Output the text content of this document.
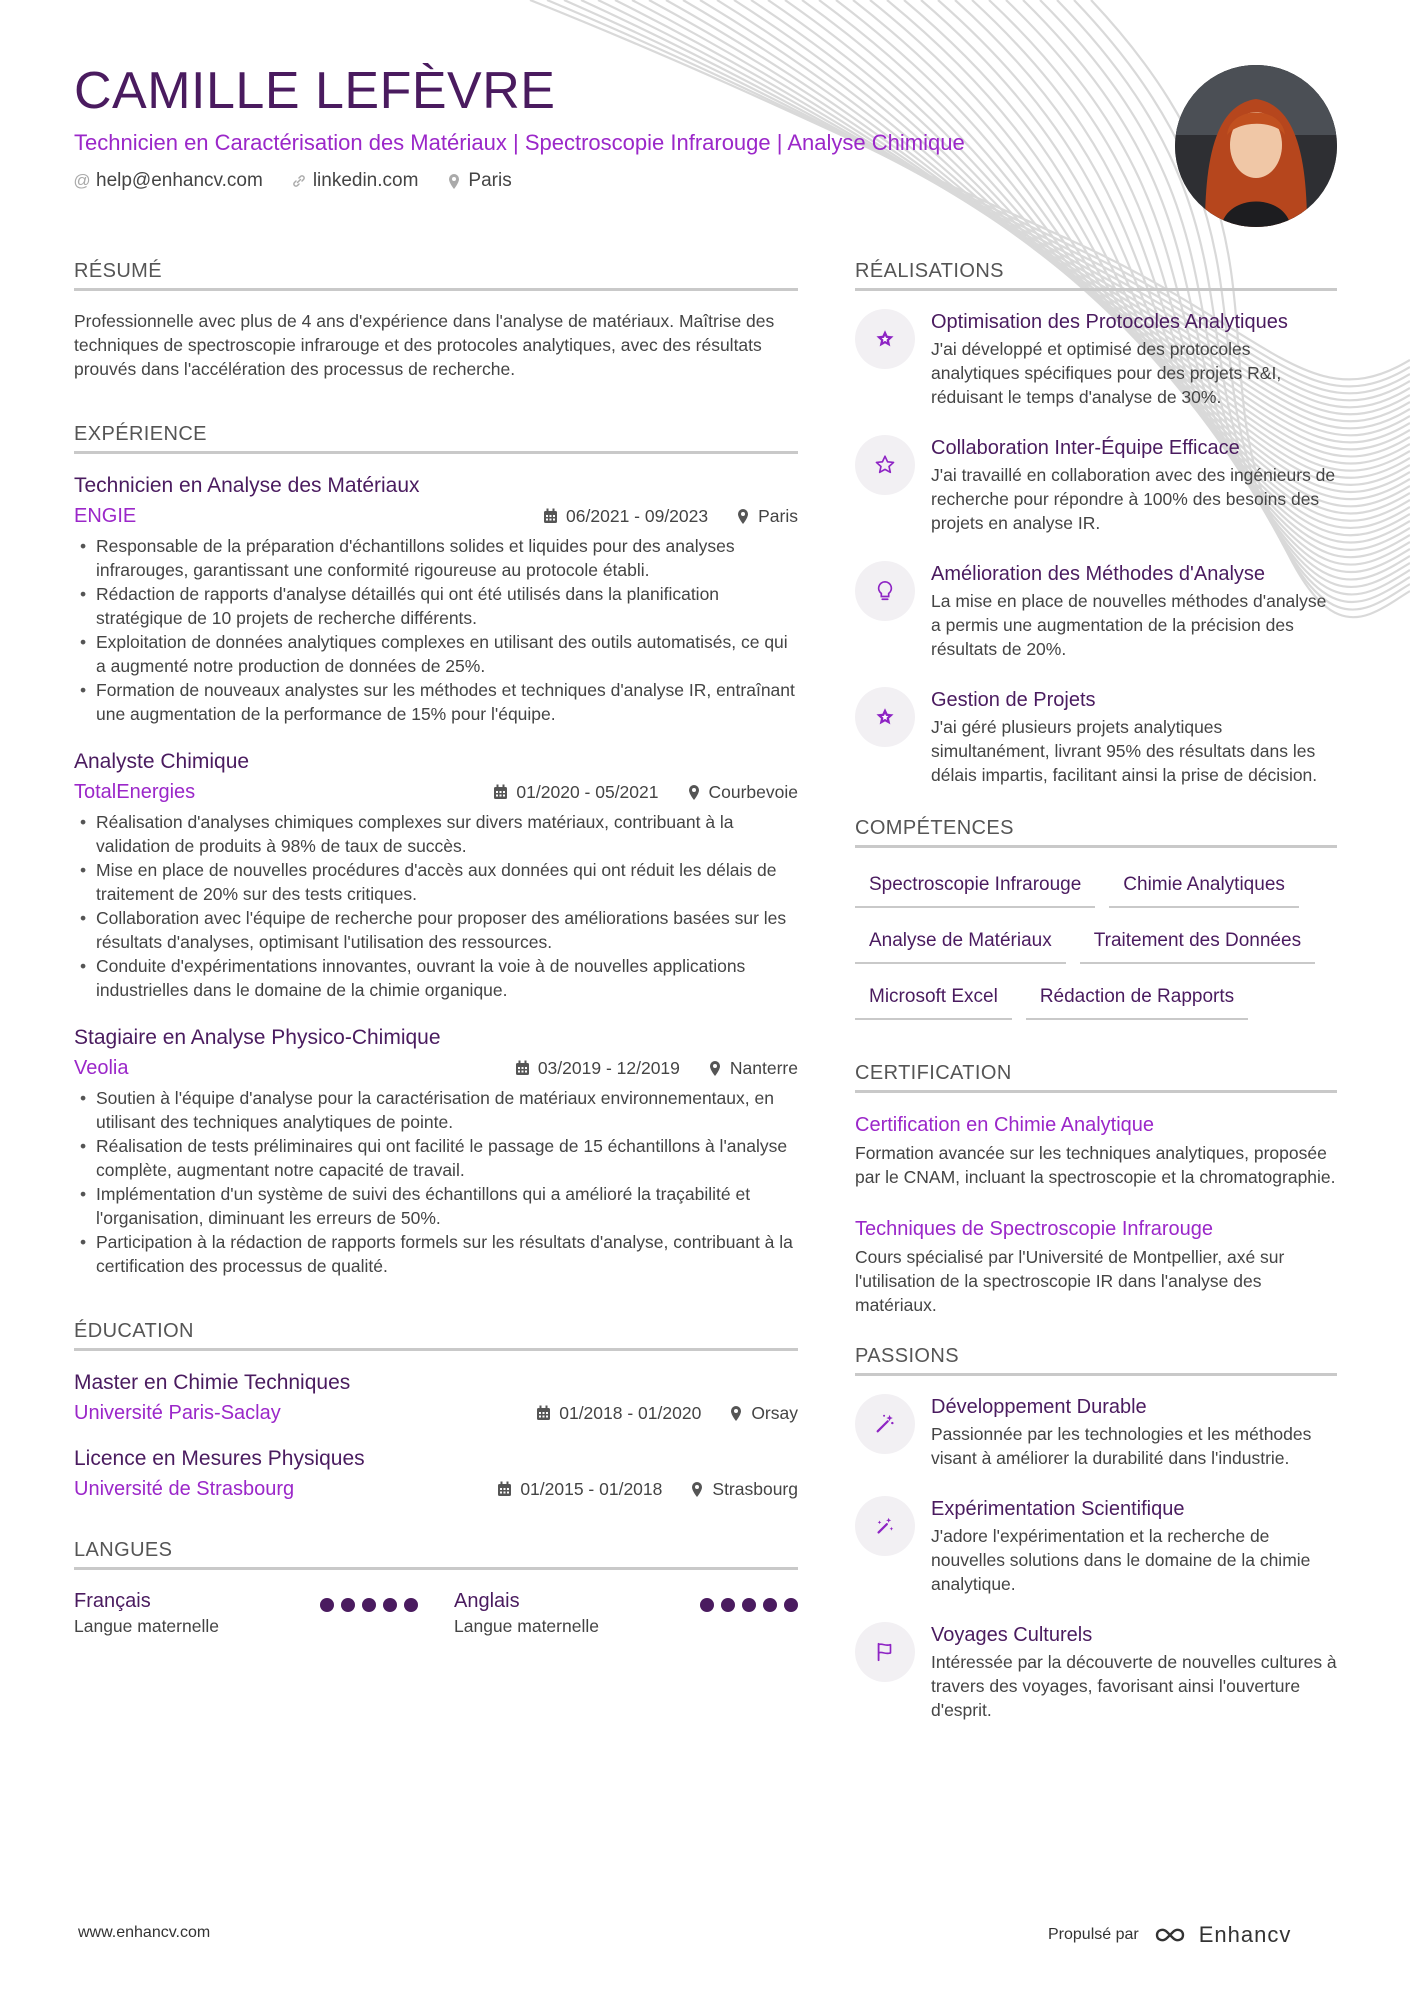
CAMILLE LEFÈVRE
Technicien en Caractérisation des Matériaux | Spectroscopie Infrarouge | Analyse Chimique
@ help@enhancv.com	linkedin.com	Paris
RÉSUMÉ
Professionnelle avec plus de 4 ans d'expérience dans l'analyse de matériaux. Maîtrise des techniques de spectroscopie infrarouge et des protocoles analytiques, avec des résultats prouvés dans l'accélération des processus de recherche.
EXPÉRIENCE
Technicien en Analyse des Matériaux
ENGIE	06/2021 - 09/2023	Paris
• Responsable de la préparation d'échantillons solides et liquides pour des analyses infrarouges, garantissant une conformité rigoureuse au protocole établi.
• Rédaction de rapports d'analyse détaillés qui ont été utilisés dans la planification stratégique de 10 projets de recherche différents.
• Exploitation de données analytiques complexes en utilisant des outils automatisés, ce qui a augmenté notre production de données de 25%.
• Formation de nouveaux analystes sur les méthodes et techniques d'analyse IR, entraînant une augmentation de la performance de 15% pour l'équipe.
Analyste Chimique
TotalEnergies	01/2020 - 05/2021	Courbevoie
• Réalisation d'analyses chimiques complexes sur divers matériaux, contribuant à la validation de produits à 98% de taux de succès.
• Mise en place de nouvelles procédures d'accès aux données qui ont réduit les délais de traitement de 20% sur des tests critiques.
• Collaboration avec l'équipe de recherche pour proposer des améliorations basées sur les résultats d'analyses, optimisant l'utilisation des ressources.
• Conduite d'expérimentations innovantes, ouvrant la voie à de nouvelles applications industrielles dans le domaine de la chimie organique.
Stagiaire en Analyse Physico-Chimique
Veolia	03/2019 - 12/2019	Nanterre
• Soutien à l'équipe d'analyse pour la caractérisation de matériaux environnementaux, en utilisant des techniques analytiques de pointe.
• Réalisation de tests préliminaires qui ont facilité le passage de 15 échantillons à l'analyse complète, augmentant notre capacité de travail.
• Implémentation d'un système de suivi des échantillons qui a amélioré la traçabilité et l'organisation, diminuant les erreurs de 50%.
• Participation à la rédaction de rapports formels sur les résultats d'analyse, contribuant à la certification des processus de qualité.
ÉDUCATION
Master en Chimie Techniques
Université Paris-Saclay	01/2018 - 01/2020	Orsay
Licence en Mesures Physiques
Université de Strasbourg	01/2015 - 01/2018	Strasbourg
LANGUES
Français
Langue maternelle
Anglais
Langue maternelle
RÉALISATIONS
Optimisation des Protocoles Analytiques
J'ai développé et optimisé des protocoles analytiques spécifiques pour des projets R&I, réduisant le temps d'analyse de 30%.
Collaboration Inter-Équipe Efficace
J'ai travaillé en collaboration avec des ingénieurs de recherche pour répondre à 100% des besoins des projets en analyse IR.
Amélioration des Méthodes d'Analyse
La mise en place de nouvelles méthodes d'analyse a permis une augmentation de la précision des résultats de 20%.
Gestion de Projets
J'ai géré plusieurs projets analytiques simultanément, livrant 95% des résultats dans les délais impartis, facilitant ainsi la prise de décision.
COMPÉTENCES
Spectroscopie Infrarouge	Chimie Analytiques
Analyse de Matériaux	Traitement des Données
Microsoft Excel	Rédaction de Rapports
CERTIFICATION
Certification en Chimie Analytique
Formation avancée sur les techniques analytiques, proposée par le CNAM, incluant la spectroscopie et la chromatographie.
Techniques de Spectroscopie Infrarouge
Cours spécialisé par l'Université de Montpellier, axé sur l'utilisation de la spectroscopie IR dans l'analyse des matériaux.
PASSIONS
Développement Durable
Passionnée par les technologies et les méthodes visant à améliorer la durabilité dans l'industrie.
Expérimentation Scientifique
J'adore l'expérimentation et la recherche de nouvelles solutions dans le domaine de la chimie analytique.
Voyages Culturels
Intéressée par la découverte de nouvelles cultures à travers des voyages, favorisant ainsi l'ouverture d'esprit.
www.enhancv.com	Propulsé par	Enhancv
